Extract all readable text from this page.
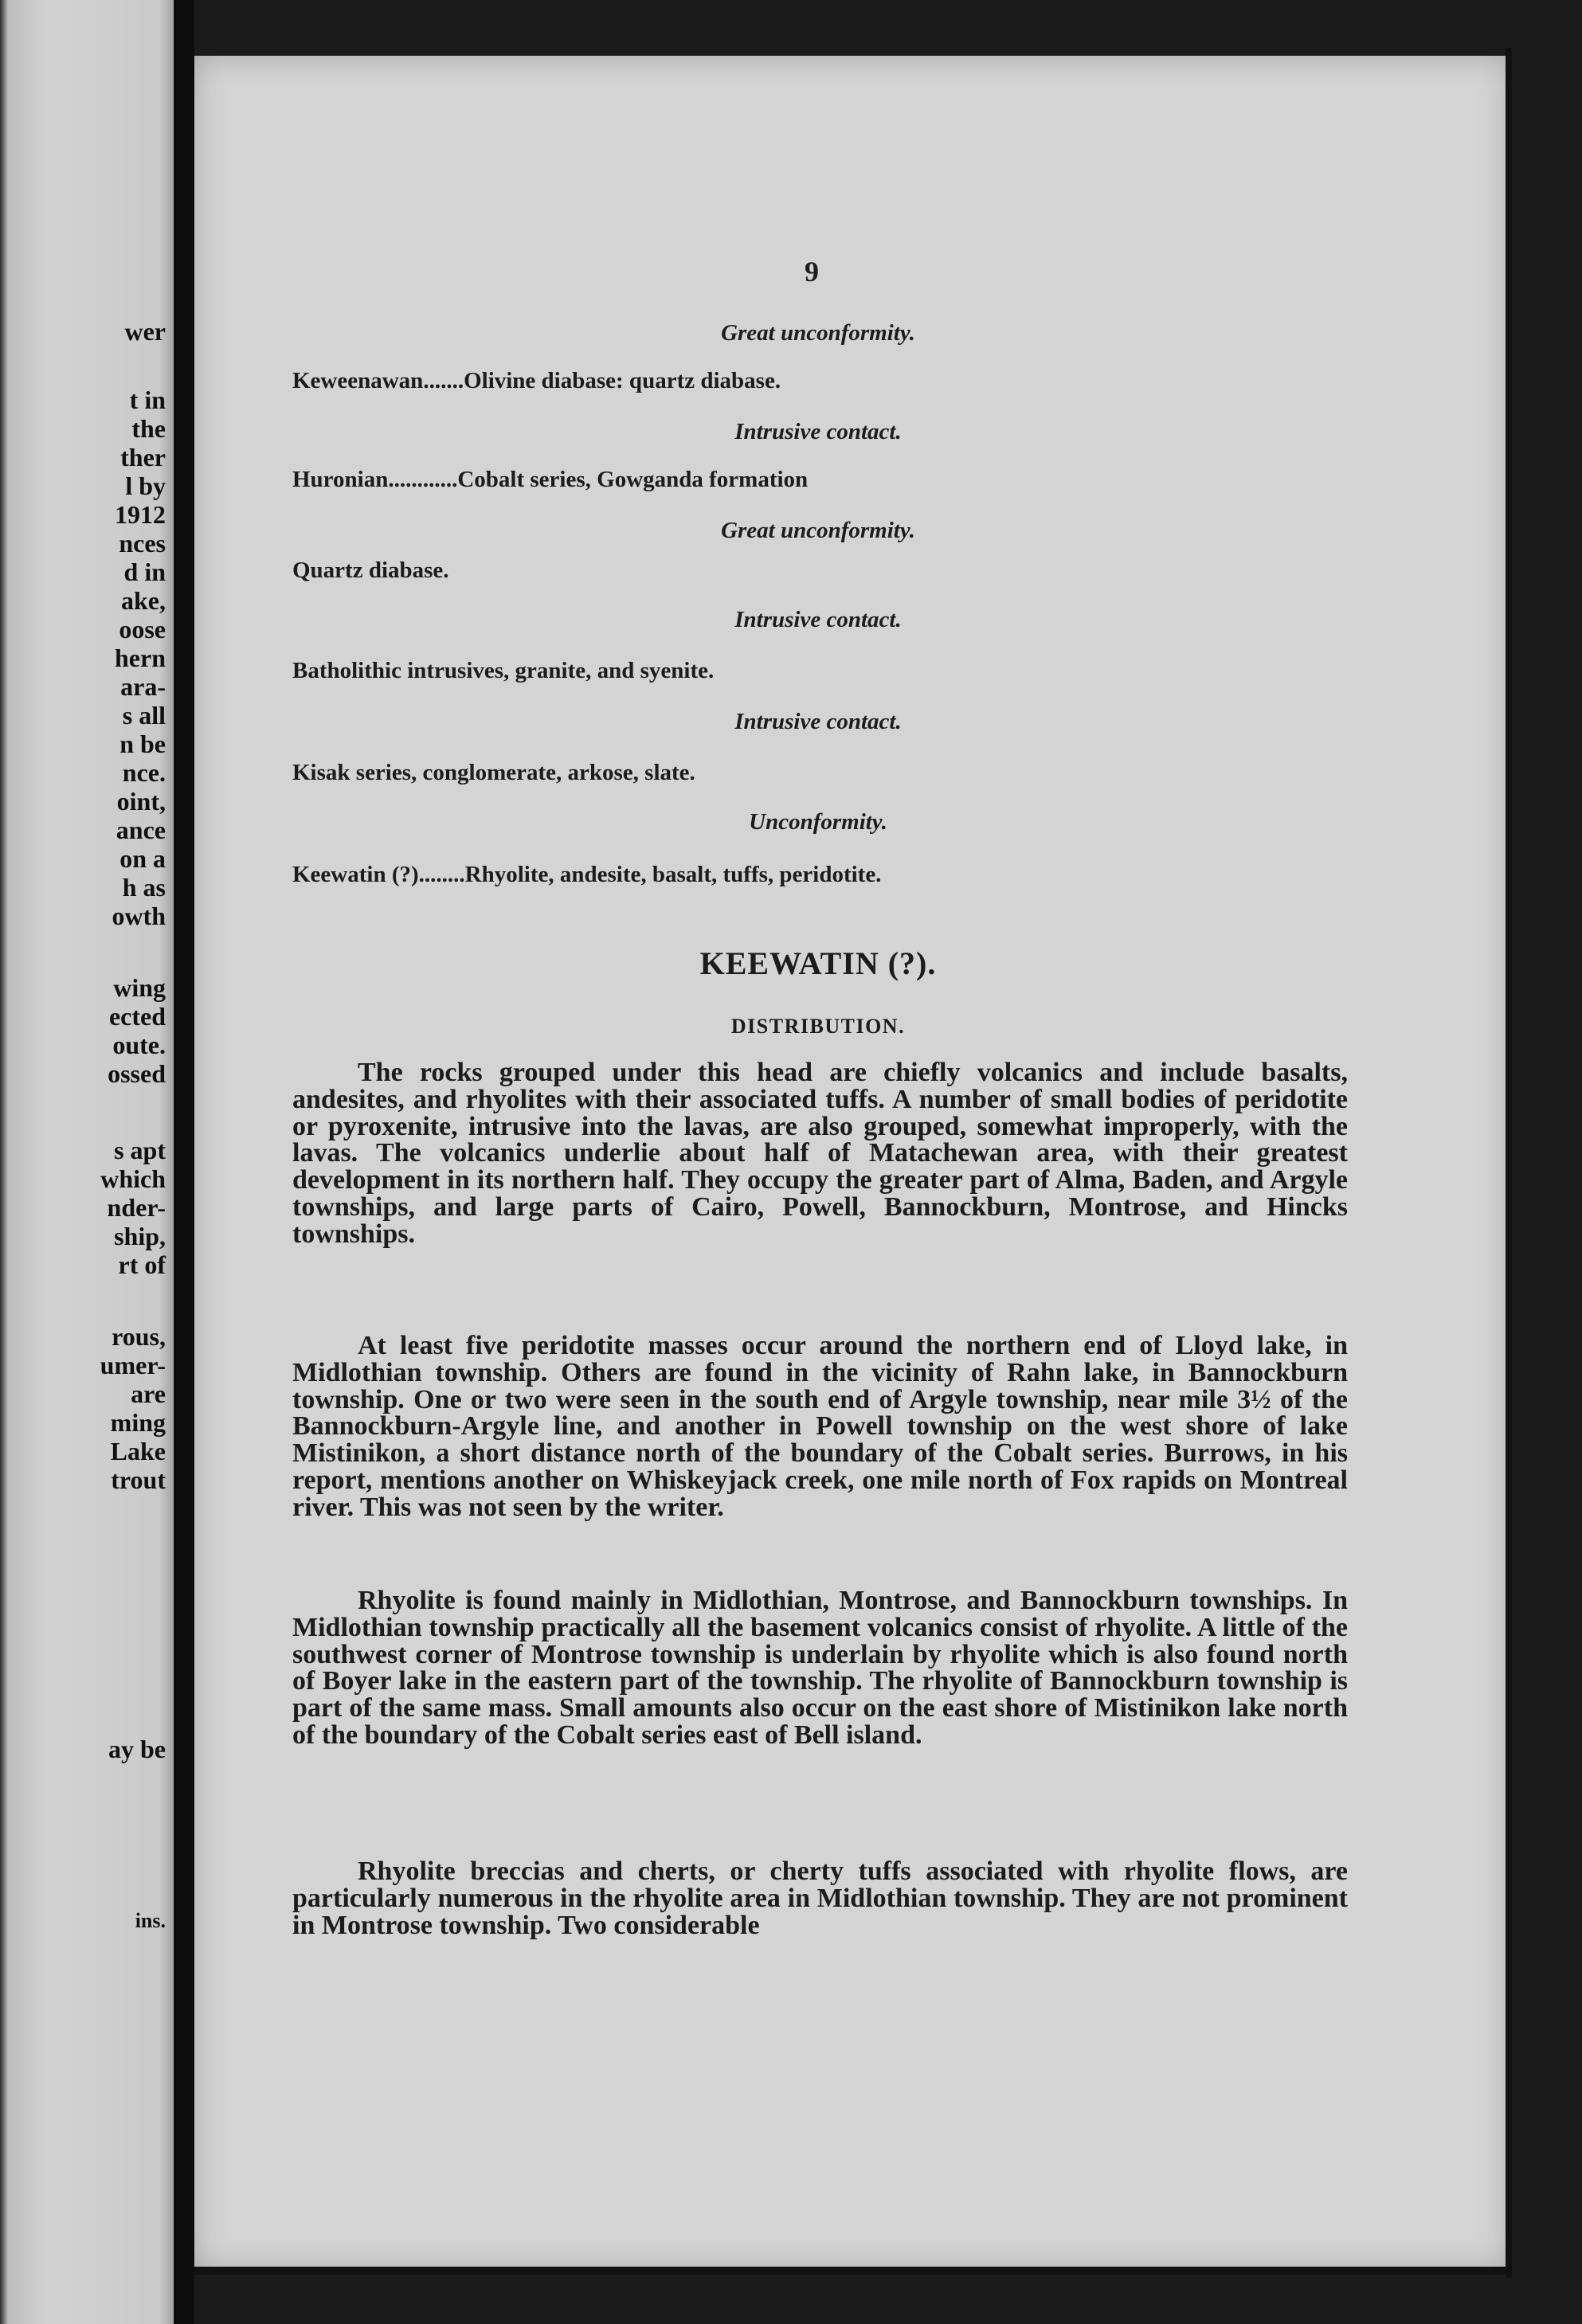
wer
t in
the
ther
l by
1912
nces
d in
ake,
oose
hern
ara-
s all
n be
nce.
oint,
ance
on a
h as
owth
wing
ected
oute.
ossed
s apt
which
nder-
ship,
rt of
rous,
umer-
are
ming
Lake
trout
ay be
ins.
9
Great unconformity.
Keweenawan.......Olivine diabase: quartz diabase.
Intrusive contact.
Huronian............Cobalt series, Gowganda formation
Great unconformity.
Quartz diabase.
Intrusive contact.
Batholithic intrusives, granite, and syenite.
Intrusive contact.
Kisak series, conglomerate, arkose, slate.
Unconformity.
Keewatin (?)........Rhyolite, andesite, basalt, tuffs, peridotite.
KEEWATIN (?).
DISTRIBUTION.

The rocks grouped under this head are chiefly volcanics and include basalts, andesites, and rhyolites with their associated tuffs. A number of small bodies of peridotite or pyroxenite, intrusive into the lavas, are also grouped, somewhat improperly, with the lavas. The volcanics underlie about half of Matachewan area, with their greatest development in its northern half. They occupy the greater part of Alma, Baden, and Argyle townships, and large parts of Cairo, Powell, Bannockburn, Montrose, and Hincks townships.

At least five peridotite masses occur around the northern end of Lloyd lake, in Midlothian township. Others are found in the vicinity of Rahn lake, in Bannockburn township. One or two were seen in the south end of Argyle township, near mile 3½ of the Bannockburn-Argyle line, and another in Powell township on the west shore of lake Mistinikon, a short distance north of the boundary of the Cobalt series. Burrows, in his report, mentions another on Whiskeyjack creek, one mile north of Fox rapids on Montreal river. This was not seen by the writer.

Rhyolite is found mainly in Midlothian, Montrose, and Bannockburn townships. In Midlothian township practically all the basement volcanics consist of rhyolite. A little of the southwest corner of Montrose township is underlain by rhyolite which is also found north of Boyer lake in the eastern part of the township. The rhyolite of Bannockburn township is part of the same mass. Small amounts also occur on the east shore of Mistinikon lake north of the boundary of the Cobalt series east of Bell island.

Rhyolite breccias and cherts, or cherty tuffs associated with rhyolite flows, are particularly numerous in the rhyolite area in Midlothian township. They are not prominent in Montrose township. Two considerable
